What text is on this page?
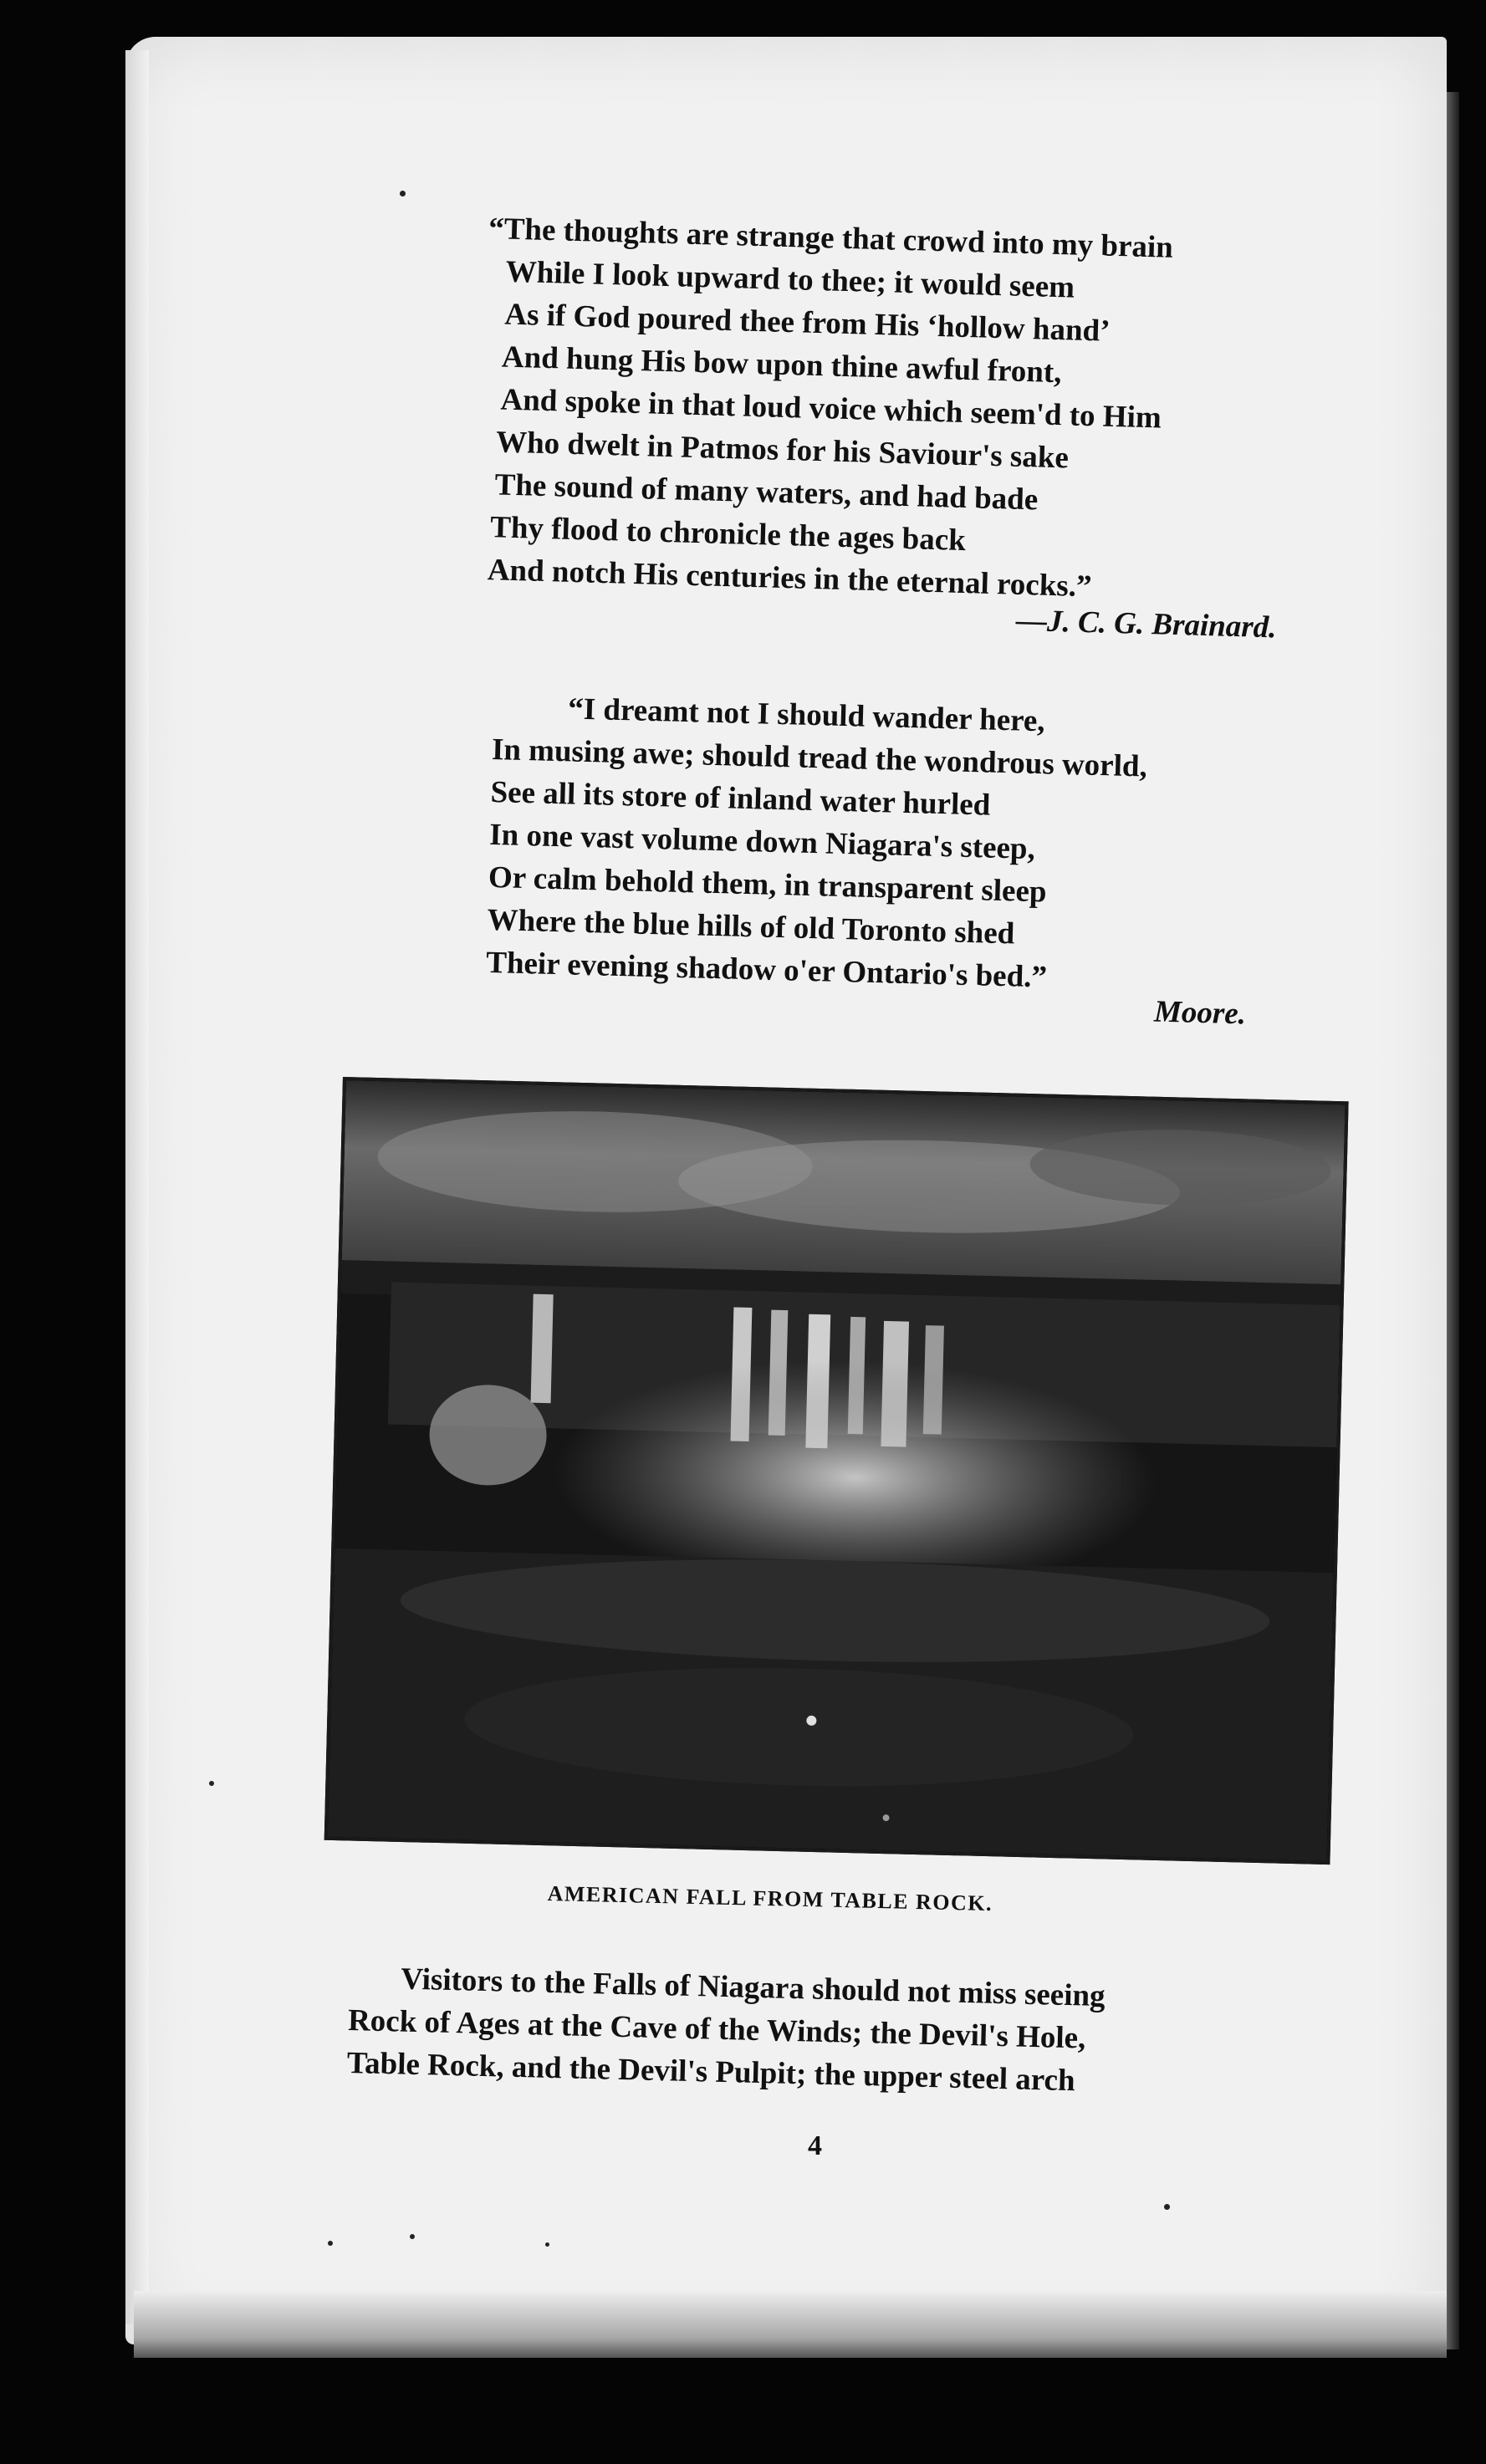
“The thoughts are strange that crowd into my brain
While I look upward to thee; it would seem
As if God poured thee from His ‘hollow hand’
And hung His bow upon thine awful front,
And spoke in that loud voice which seem'd to Him
Who dwelt in Patmos for his Saviour's sake
The sound of many waters, and had bade
Thy flood to chronicle the ages back
And notch His centuries in the eternal rocks.”
—J. C. G. Brainard.
“I dreamt not I should wander here,
In musing awe; should tread the wondrous world,
See all its store of inland water hurled
In one vast volume down Niagara's steep,
Or calm behold them, in transparent sleep
Where the blue hills of old Toronto shed
Their evening shadow o'er Ontario's bed.”
Moore.
AMERICAN FALL FROM TABLE ROCK.
Visitors to the Falls of Niagara should not miss seeing
Rock of Ages at the Cave of the Winds; the Devil's Hole,
Table Rock, and the Devil's Pulpit; the upper steel arch
4
